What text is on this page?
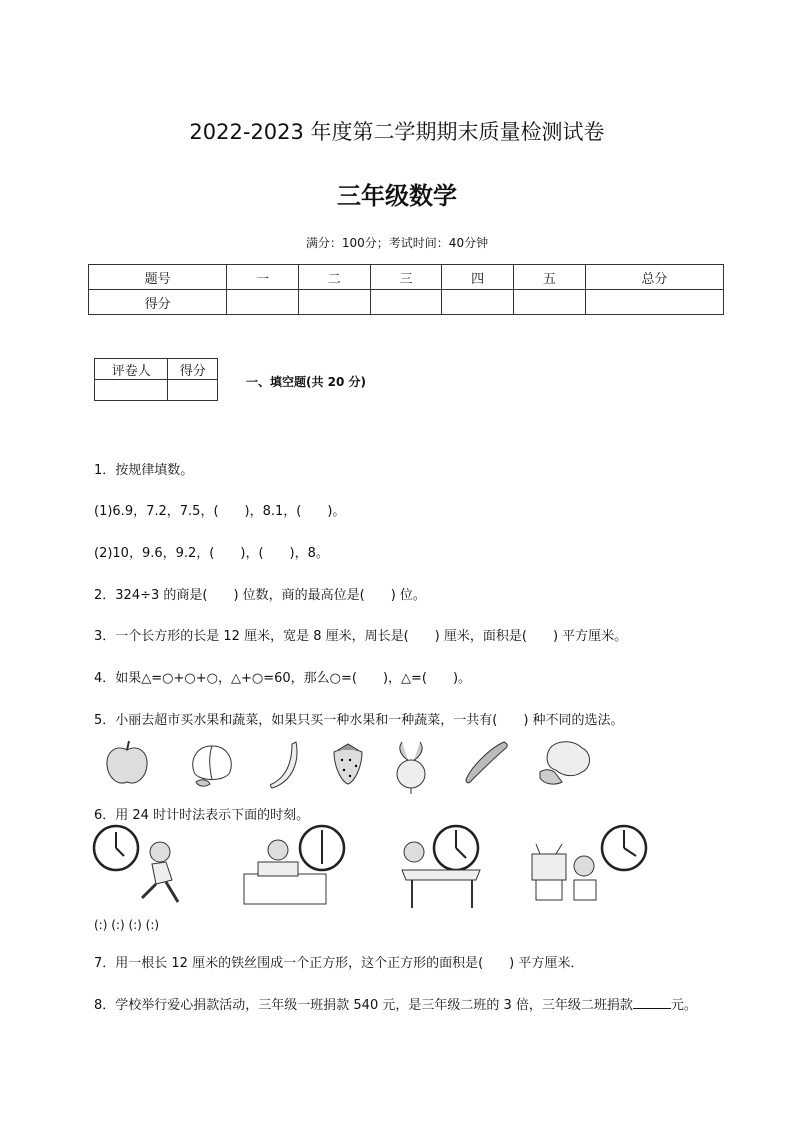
2022-2023 年度第二学期期末质量检测试卷
三年级数学
满分：100分；考试时间：40分钟
题号	一	二	三	四	五	总分
得分						
评卷人	得分

一、填空题(共 20 分)
1．按规律填数。
(1)6.9，7.2，7.5，(　　)，8.1，(　　)。
(2)10，9.6，9.2，(　　)，(　　)，8。
2．324÷3 的商是(　　) 位数，商的最高位是(　　) 位。
3．一个长方形的长是 12 厘米，宽是 8 厘米，周长是(　　) 厘米，面积是(　　) 平方厘米。
4．如果△=○+○+○，△+○=60，那么○=(　　)，△=(　　)。
5．小丽去超市买水果和蔬菜，如果只买一种水果和一种蔬菜，一共有(　　) 种不同的选法。
6．用 24 时计时法表示下面的时刻。
(:) (:) (:) (:)
7．用一根长 12 厘米的铁丝围成一个正方形，这个正方形的面积是(　　) 平方厘米．
8．学校举行爱心捐款活动，三年级一班捐款 540 元，是三年级二班的 3 倍，三年级二班捐款	元。
